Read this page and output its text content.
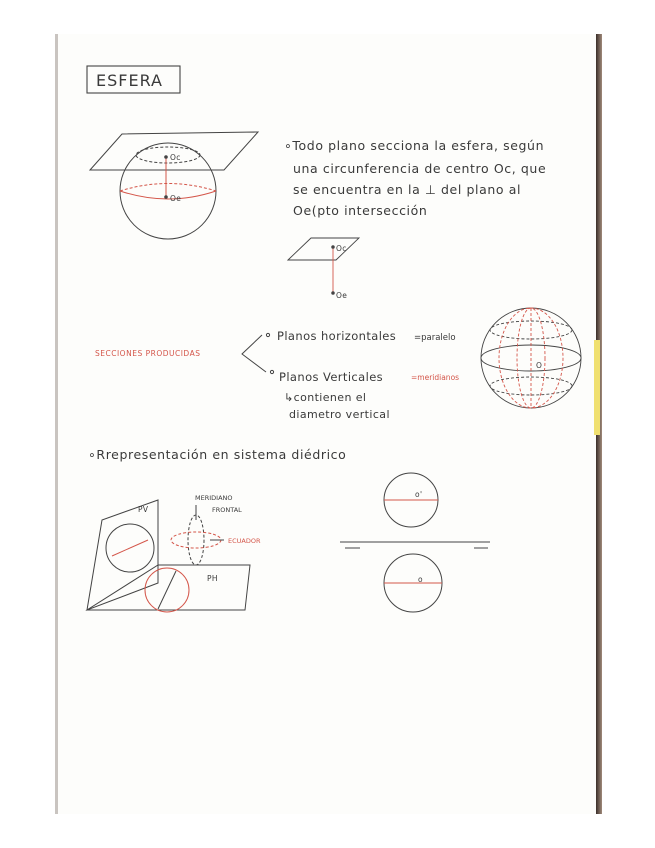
ESFERA
Oc
Oe
∘Todo plano secciona la esfera, según
una circunferencia de centro Oc, que
se encuentra en la ⊥ del plano al
Oe(pto intersección
Oc
Oe
SECCIONES PRODUCIDAS
Planos horizontales =paralelo
Planos Verticales	=meridianos
↳contienen el
diametro vertical
O
∘Rrepresentación en sistema diédrico
PV
PH
MERIDIANO
FRONTAL
ECUADOR
o'
o
